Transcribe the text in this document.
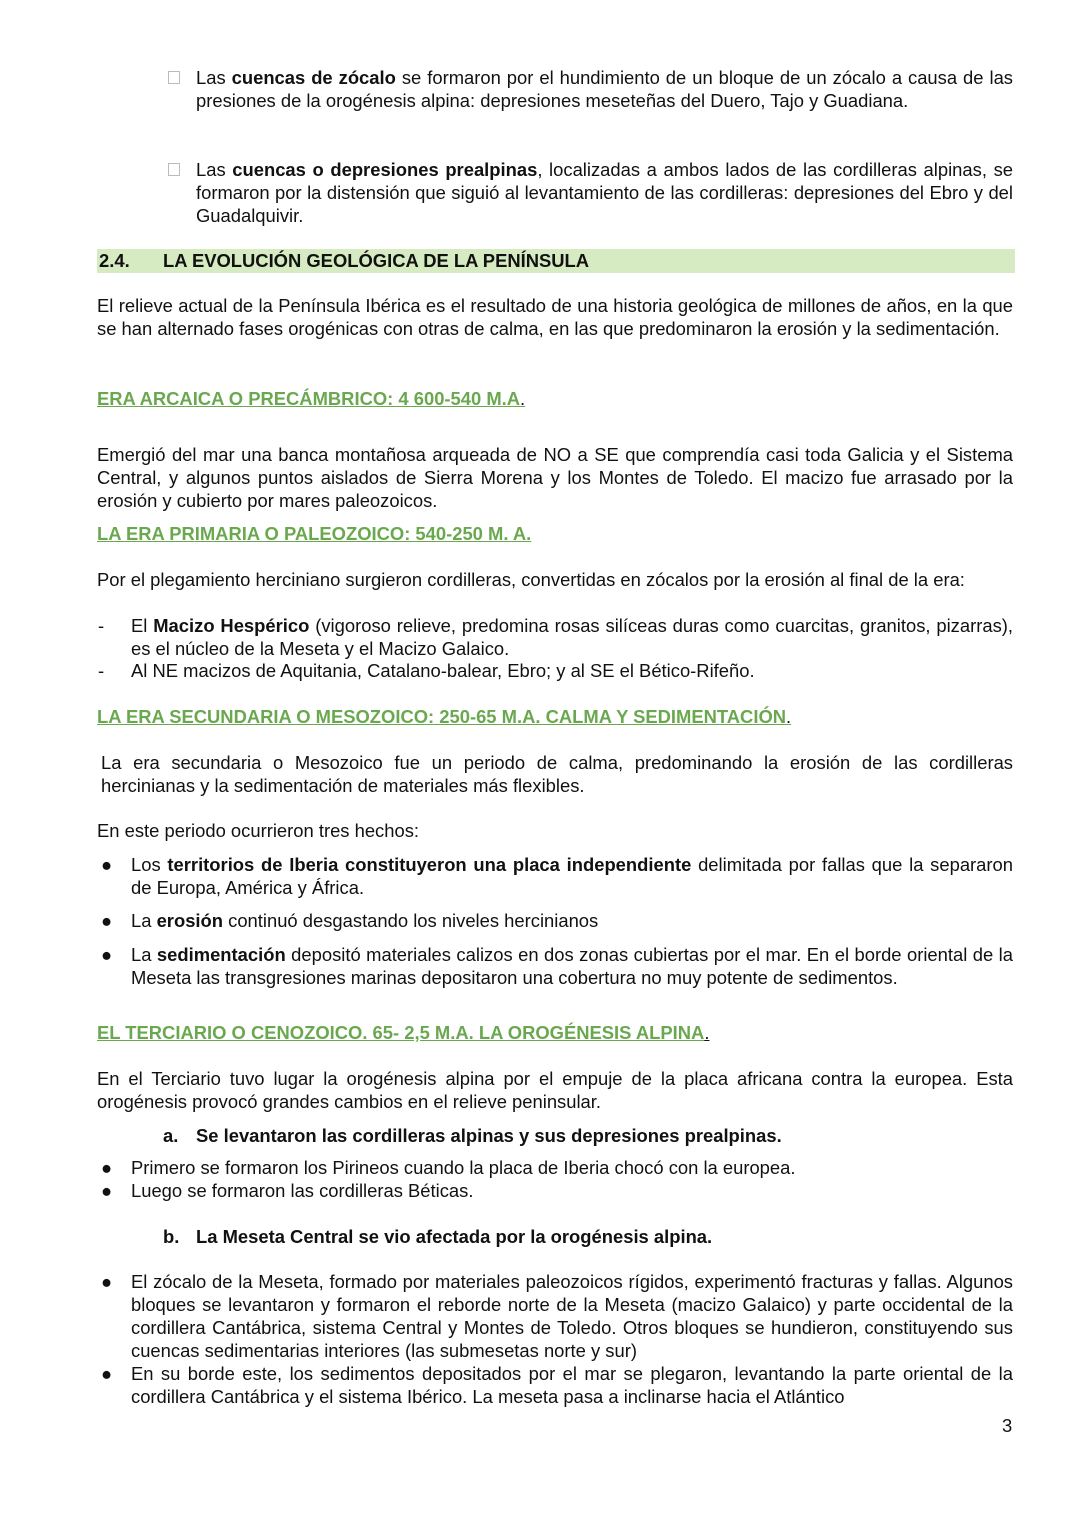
Las cuencas de zócalo se formaron por el hundimiento de un bloque de un zócalo a causa de las presiones de la orogénesis alpina: depresiones meseteñas del Duero, Tajo y Guadiana.
Las cuencas o depresiones prealpinas, localizadas a ambos lados de las cordilleras alpinas, se formaron por la distensión que siguió al levantamiento de las cordilleras: depresiones del Ebro y del Guadalquivir.
2.4. LA EVOLUCIÓN GEOLÓGICA DE LA PENÍNSULA
El relieve actual de la Península Ibérica es el resultado de una historia geológica de millones de años, en la que se han alternado fases orogénicas con otras de calma, en las que predominaron la erosión y la sedimentación.
ERA ARCAICA O PRECÁMBRICO: 4 600-540 M.A.
Emergió del mar una banca montañosa arqueada de NO a SE que comprendía casi toda Galicia y el Sistema Central, y algunos puntos aislados de Sierra Morena y los Montes de Toledo. El macizo fue arrasado por la erosión y cubierto por mares paleozoicos.
LA ERA PRIMARIA O PALEOZOICO: 540-250 M. A.
Por el plegamiento herciniano surgieron cordilleras, convertidas en zócalos por la erosión al final de la era:
- El Macizo Hespérico (vigoroso relieve, predomina rosas silíceas duras como cuarcitas, granitos, pizarras), es el núcleo de la Meseta y el Macizo Galaico.
- Al NE macizos de Aquitania, Catalano-balear, Ebro; y al SE el Bético-Rifeño.
LA ERA SECUNDARIA O MESOZOICO: 250-65 M.A. CALMA Y SEDIMENTACIÓN.
La era secundaria o Mesozoico fue un periodo de calma, predominando la erosión de las cordilleras hercinianas y la sedimentación de materiales más flexibles.
En este periodo ocurrieron tres hechos:
● Los territorios de Iberia constituyeron una placa independiente delimitada por fallas que la separaron de Europa, América y África.
● La erosión continuó desgastando los niveles hercinianos
● La sedimentación depositó materiales calizos en dos zonas cubiertas por el mar. En el borde oriental de la Meseta las transgresiones marinas depositaron una cobertura no muy potente de sedimentos.
EL TERCIARIO O CENOZOICO. 65- 2,5 M.A. LA OROGÉNESIS ALPINA.
En el Terciario tuvo lugar la orogénesis alpina por el empuje de la placa africana contra la europea. Esta orogénesis provocó grandes cambios en el relieve peninsular.
a. Se levantaron las cordilleras alpinas y sus depresiones prealpinas.
● Primero se formaron los Pirineos cuando la placa de Iberia chocó con la europea.
● Luego se formaron las cordilleras Béticas.
b. La Meseta Central se vio afectada por la orogénesis alpina.
● El zócalo de la Meseta, formado por materiales paleozoicos rígidos, experimentó fracturas y fallas. Algunos bloques se levantaron y formaron el reborde norte de la Meseta (macizo Galaico) y parte occidental de la cordillera Cantábrica, sistema Central y Montes de Toledo. Otros bloques se hundieron, constituyendo sus cuencas sedimentarias interiores (las submesetas norte y sur)
● En su borde este, los sedimentos depositados por el mar se plegaron, levantando la parte oriental de la cordillera Cantábrica y el sistema Ibérico. La meseta pasa a inclinarse hacia el Atlántico
3
